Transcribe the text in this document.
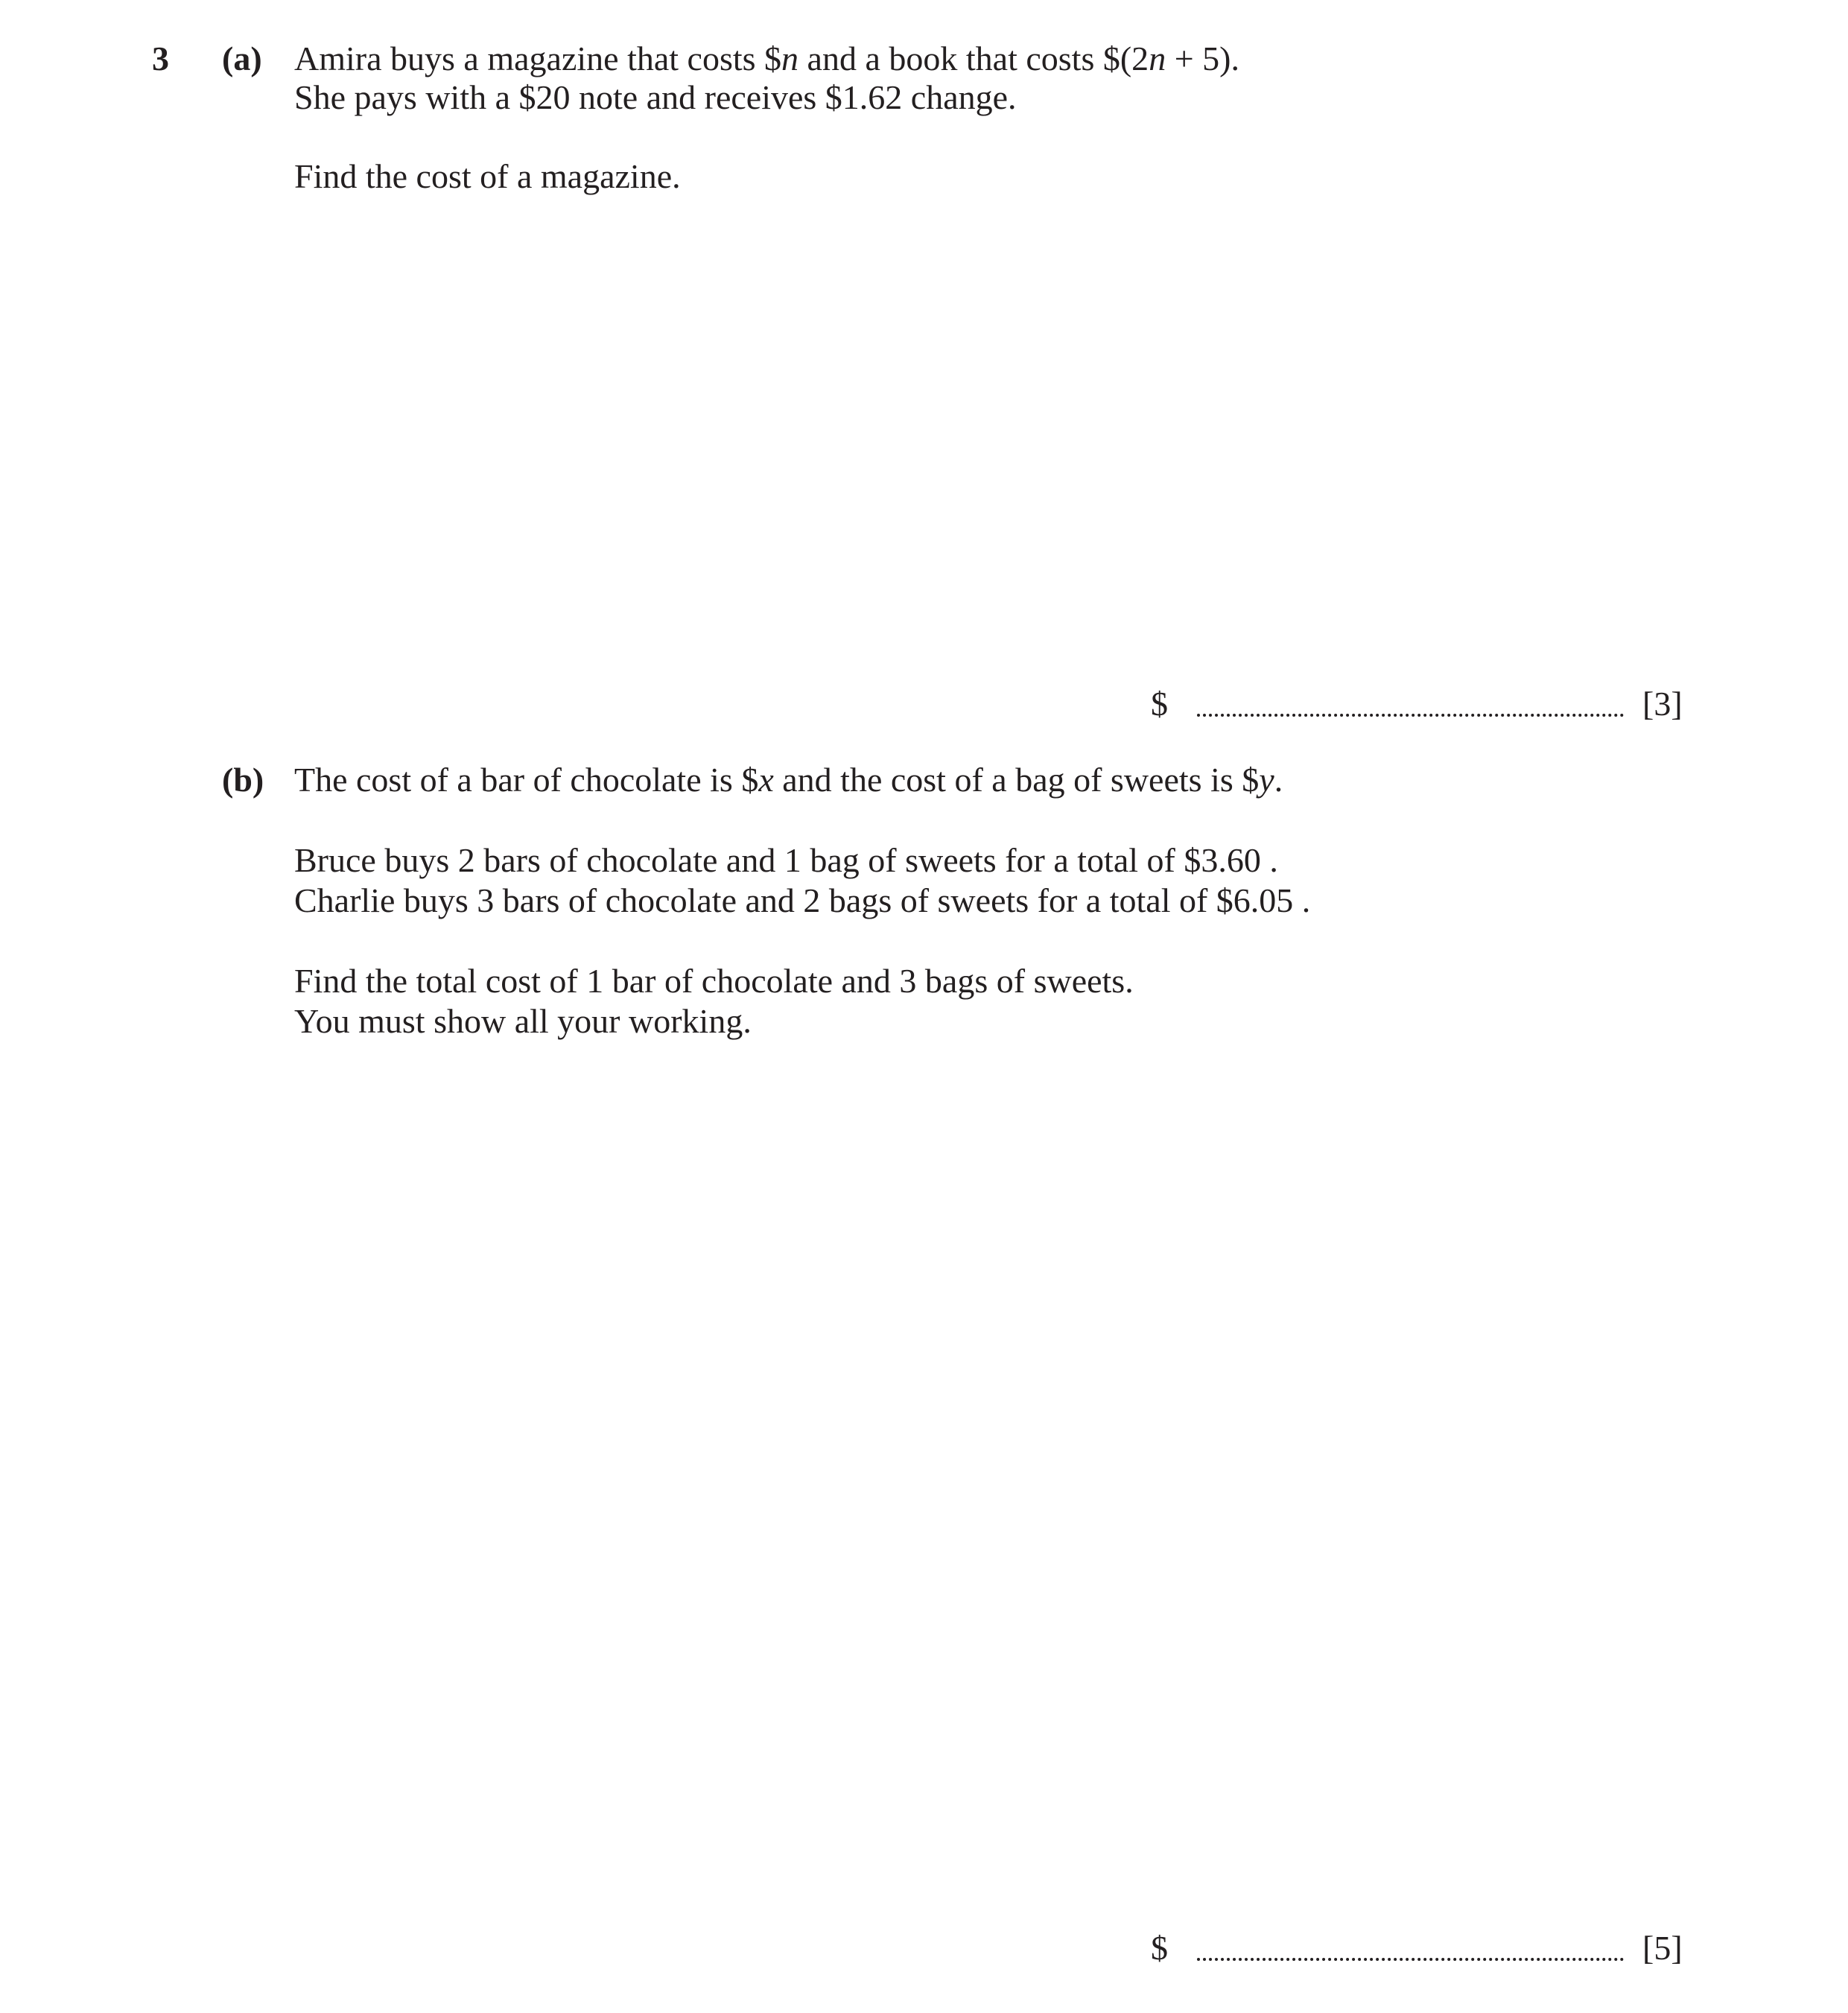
3 (a) Amira buys a magazine that costs $n and a book that costs $(2n + 5).
She pays with a $20 note and receives $1.62 change.
Find the cost of a magazine.
$	[3]
(b) The cost of a bar of chocolate is $x and the cost of a bag of sweets is $y.
Bruce buys 2 bars of chocolate and 1 bag of sweets for a total of $3.60 .
Charlie buys 3 bars of chocolate and 2 bags of sweets for a total of $6.05 .
Find the total cost of 1 bar of chocolate and 3 bags of sweets.
You must show all your working.
$	[5]
